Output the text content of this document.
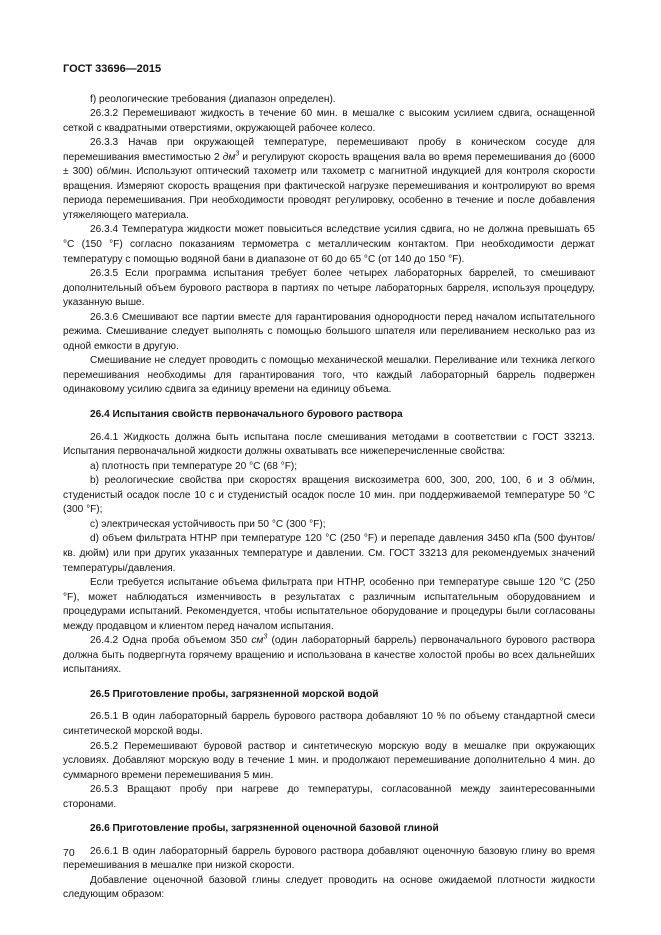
ГОСТ 33696—2015

f) реологические требования (диапазон определен).

26.3.2 Перемешивают жидкость в течение 60 мин. в мешалке с высоким усилием сдвига, оснащенной сеткой с квадратными отверстиями, окружающей рабочее колесо.

26.3.3 Начав при окружающей температуре, перемешивают пробу в коническом сосуде для перемешивания вместимостью 2 $дм^3$ и регулируют скорость вращения вала во время перемешивания до (6000 ± 300) об/мин. Используют оптический тахометр или тахометр с магнитной индукцией для контроля скорости вращения. Измеряют скорость вращения при фактической нагрузке перемешивания и контролируют во время периода перемешивания. При необходимости проводят регулировку, особенно в течение и после добавления утяжеляющего материала.

26.3.4 Температура жидкости может повыситься вследствие усилия сдвига, но не должна превышать 65 °С (150 °F) согласно показаниям термометра с металлическим контактом. При необходимости держат температуру с помощью водяной бани в диапазоне от 60 до 65 °С (от 140 до 150 °F).

26.3.5 Если программа испытания требует более четырех лабораторных баррелей, то смешивают дополнительный объем бурового раствора в партиях по четыре лабораторных барреля, используя процедуру, указанную выше.

26.3.6 Смешивают все партии вместе для гарантирования однородности перед началом испытательного режима. Смешивание следует выполнять с помощью большого шпателя или переливанием несколько раз из одной емкости в другую.

Смешивание не следует проводить с помощью механической мешалки. Переливание или техника легкого перемешивания необходимы для гарантирования того, что каждый лабораторный баррель подвержен одинаковому усилию сдвига за единицу времени на единицу объема.

26.4 Испытания свойств первоначального бурового раствора

26.4.1 Жидкость должна быть испытана после смешивания методами в соответствии с ГОСТ 33213. Испытания первоначальной жидкости должны охватывать все нижеперечисленные свойства:

а) плотность при температуре 20 °С (68 °F);

b) реологические свойства при скоростях вращения вискозиметра 600, 300, 200, 100, 6 и 3 об/мин, студенистый осадок после 10 с и студенистый осадок после 10 мин. при поддерживаемой температуре 50 °С (300 °F);

с) электрическая устойчивость при 50 °С (300 °F);

d) объем фильтрата НТНР при температуре 120 °С (250 °F) и перепаде давления 3450 кПа (500 фунтов/кв. дюйм) или при других указанных температуре и давлении. См. ГОСТ 33213 для рекомендуемых значений температуры/давления.

Если требуется испытание объема фильтрата при НТНР, особенно при температуре свыше 120 °С (250 °F), может наблюдаться изменчивость в результатах с различным испытательным оборудованием и процедурами испытаний. Рекомендуется, чтобы испытательное оборудование и процедуры были согласованы между продавцом и клиентом перед началом испытания.

26.4.2 Одна проба объемом 350 $см^3$ (один лабораторный баррель) первоначального бурового раствора должна быть подвергнута горячему вращению и использована в качестве холостой пробы во всех дальнейших испытаниях.

26.5 Приготовление пробы, загрязненной морской водой

26.5.1 В один лабораторный баррель бурового раствора добавляют 10 % по объему стандартной смеси синтетической морской воды.

26.5.2 Перемешивают буровой раствор и синтетическую морскую воду в мешалке при окружающих условиях. Добавляют морскую воду в течение 1 мин. и продолжают перемешивание дополнительно 4 мин. до суммарного времени перемешивания 5 мин.

26.5.3 Вращают пробу при нагреве до температуры, согласованной между заинтересованными сторонами.

26.6 Приготовление пробы, загрязненной оценочной базовой глиной

26.6.1 В один лабораторный баррель бурового раствора добавляют оценочную базовую глину во время перемешивания в мешалке при низкой скорости.

Добавление оценочной базовой глины следует проводить на основе ожидаемой плотности жидкости следующим образом:

70
